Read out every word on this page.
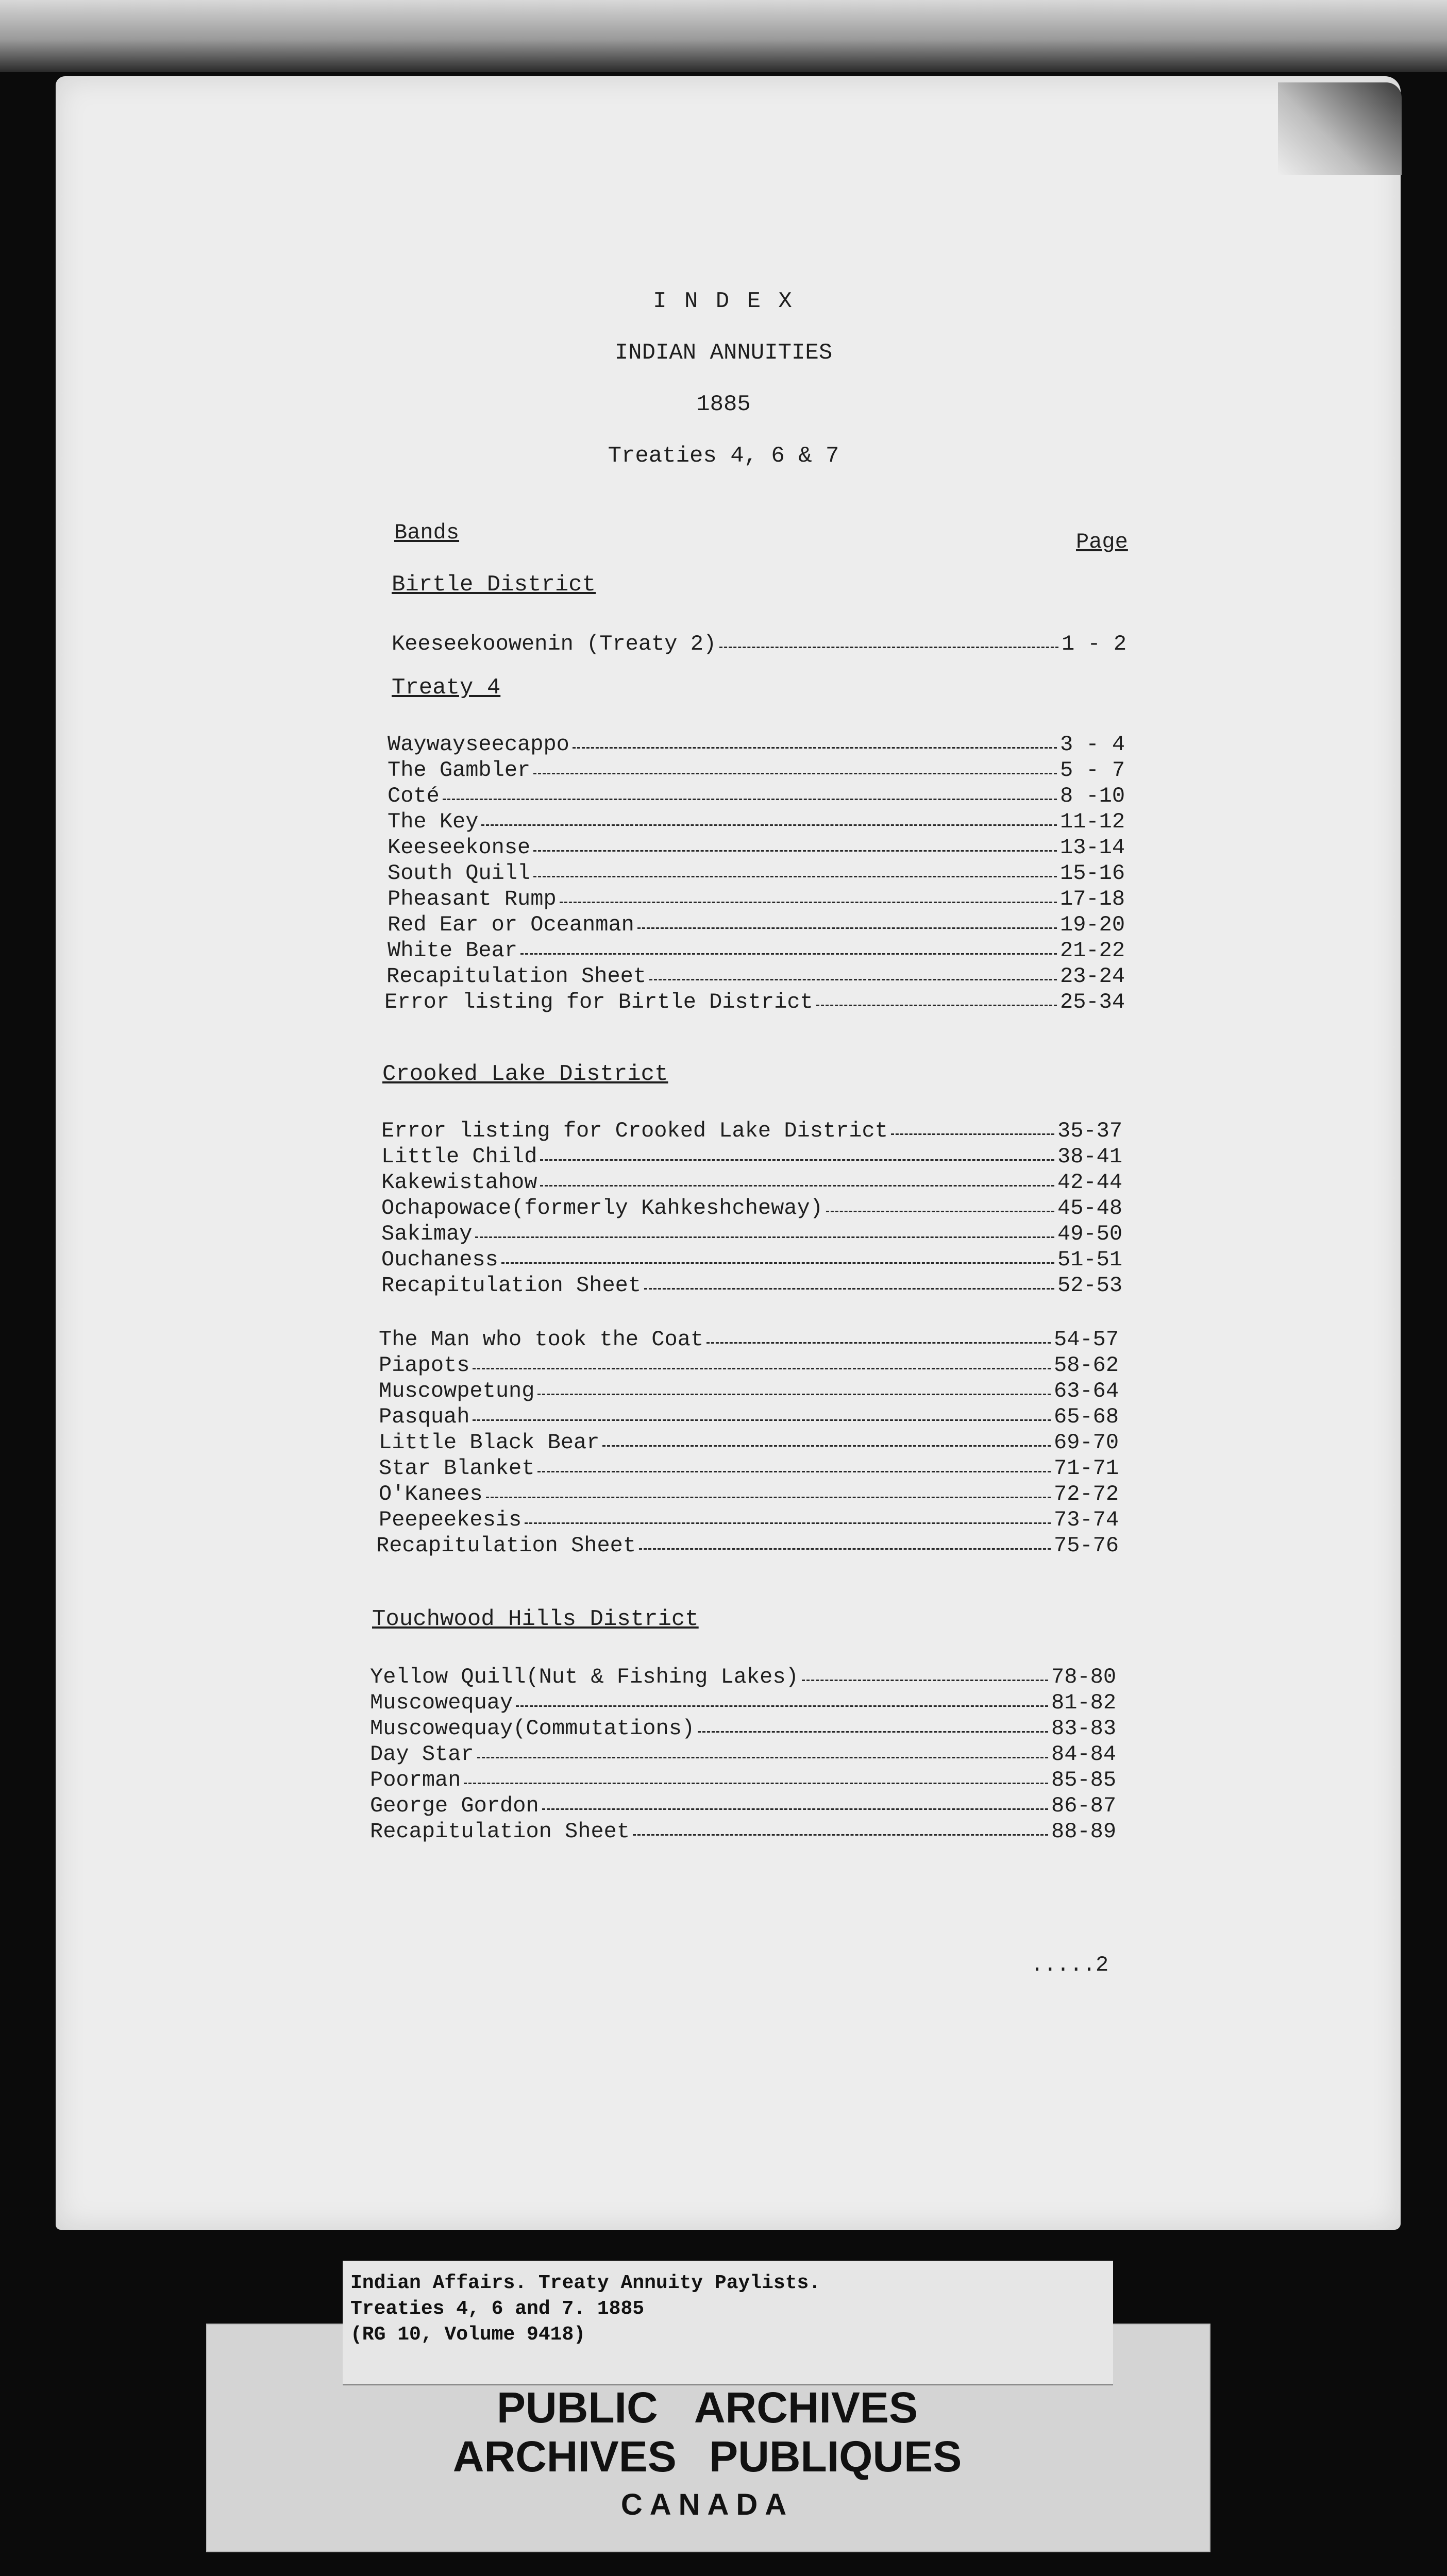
I N D E X
INDIAN ANNUITIES
1885
Treaties 4, 6 & 7
Bands	Page
Birtle District
Keeseekoowenin (Treaty 2)	1 - 2
Treaty 4
Waywayseecappo	3 - 4
The Gambler	5 - 7
Coté	8 -10
The Key	11-12
Keeseekonse	13-14
South Quill	15-16
Pheasant Rump	17-18
Red Ear or Oceanman	19-20
White Bear	21-22
Recapitulation Sheet	23-24
Error listing for Birtle District	25-34
Crooked Lake District
Error listing for Crooked Lake District	35-37
Little Child	38-41
Kakewistahow	42-44
Ochapowace(formerly Kahkeshcheway)	45-48
Sakimay	49-50
Ouchaness	51-51
Recapitulation Sheet	52-53
The Man who took the Coat	54-57
Piapots	58-62
Muscowpetung	63-64
Pasquah	65-68
Little Black Bear	69-70
Star Blanket	71-71
O'Kanees	72-72
Peepeekesis	73-74
Recapitulation Sheet	75-76
Touchwood Hills District
Yellow Quill(Nut & Fishing Lakes)	78-80
Muscowequay	81-82
Muscowequay(Commutations)	83-83
Day Star	84-84
Poorman	85-85
George Gordon	86-87
Recapitulation Sheet	88-89
.....2
Indian Affairs. Treaty Annuity Paylists.
Treaties 4, 6 and 7. 1885
(RG 10, Volume 9418)
PUBLIC ARCHIVES
ARCHIVES PUBLIQUES
CANADA
